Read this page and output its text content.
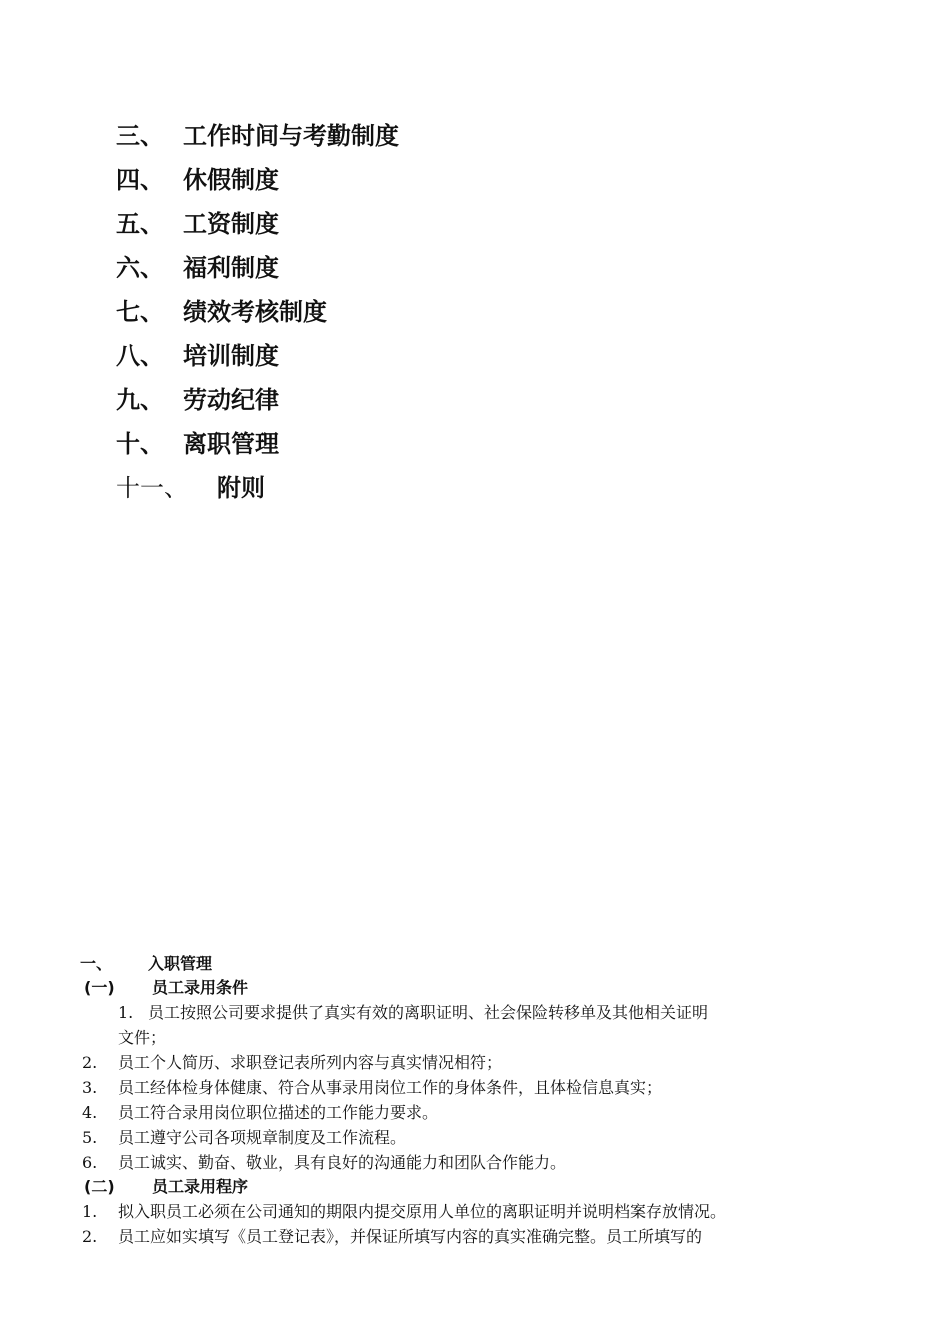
三、 工作时间与考勤制度
四、 休假制度
五、 工资制度
六、 福利制度
七、 绩效考核制度
八、 培训制度
九、 劳动纪律
十、 离职管理
十一、	附则
一、	入职管理
(一)	员工录用条件
1. 员工按照公司要求提供了真实有效的离职证明、社会保险转移单及其他相关证明
文件；
2.	员工个人简历、求职登记表所列内容与真实情况相符；
3.	员工经体检身体健康、符合从事录用岗位工作的身体条件，且体检信息真实；
4.	员工符合录用岗位职位描述的工作能力要求。
5.	员工遵守公司各项规章制度及工作流程。
6.	员工诚实、勤奋、敬业，具有良好的沟通能力和团队合作能力。
(二)	员工录用程序
1.	拟入职员工必须在公司通知的期限内提交原用人单位的离职证明并说明档案存放情况。
2.	员工应如实填写《员工登记表》，并保证所填写内容的真实准确完整。员工所填写的
